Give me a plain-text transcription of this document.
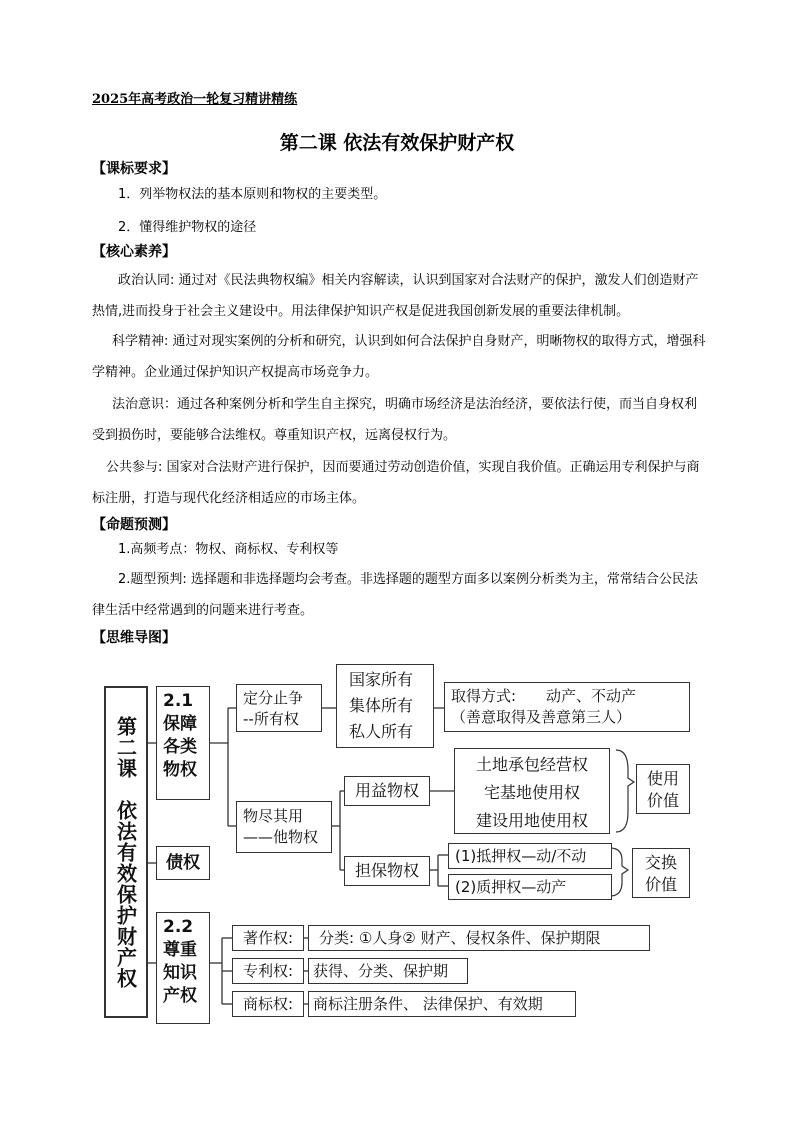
2025年高考政治一轮复习精讲精练
第二课 依法有效保护财产权
【课标要求】
1．列举物权法的基本原则和物权的主要类型。
2．懂得维护物权的途径
【核心素养】
政治认同: 通过对《民法典物权编》相关内容解读，认识到国家对合法财产的保护，激发人们创造财产热情,进而投身于社会主义建设中。用法律保护知识产权是促进我国创新发展的重要法律机制。
科学精神: 通过对现实案例的分析和研究，认识到如何合法保护自身财产，明晰物权的取得方式，增强科学精神。企业通过保护知识产权提高市场竞争力。
法治意识：通过各种案例分析和学生自主探究，明确市场经济是法治经济，要依法行使，而当自身权利受到损伤时，要能够合法维权。尊重知识产权，远离侵权行为。
公共参与: 国家对合法财产进行保护，因而要通过劳动创造价值，实现自我价值。正确运用专利保护与商标注册，打造与现代化经济相适应的市场主体。
【命题预测】
1.高频考点：物权、商标权、专利权等
2.题型预判: 选择题和非选择题均会考查。非选择题的题型方面多以案例分析类为主，常常结合公民法律生活中经常遇到的问题来进行考查。
【思维导图】
第二课　依法有效保护财产权
2.1
保障
各类
物权
债权
2.2
尊重
知识
产权
定分止争
--所有权
国家所有
集体所有
私人所有
取得方式:　　动产、不动产
（善意取得及善意第三人）
物尽其用
——他物权
用益物权
土地承包经营权
宅基地使用权
建设用地使用权
使用
价值
担保物权
(1)抵押权—动/不动
(2)质押权—动产
交换
价值
著作权:	分类: ①人身② 财产、侵权条件、保护期限
专利权:	获得、分类、保护期
商标权:	商标注册条件、 法律保护、有效期
